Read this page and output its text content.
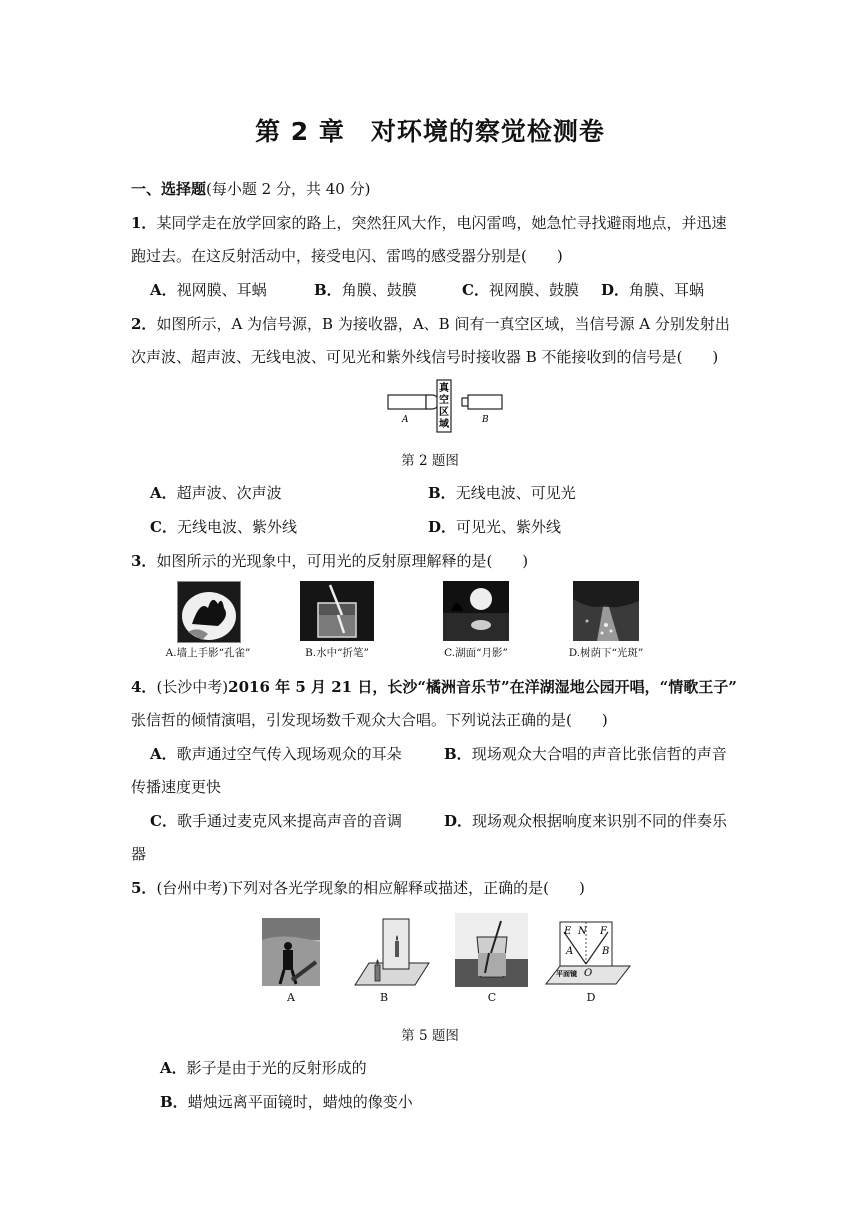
第 2 章　对环境的察觉检测卷
一、选择题(每小题 2 分，共 40 分)
1．某同学走在放学回家的路上，突然狂风大作，电闪雷鸣，她急忙寻找避雨地点，并迅速
跑过去。在这反射活动中，接受电闪、雷鸣的感受器分别是(　　)
A．视网膜、耳蜗	B．角膜、鼓膜	C．视网膜、鼓膜 D．角膜、耳蜗
2．如图所示，A 为信号源，B 为接收器，A、B 间有一真空区域，当信号源 A 分别发射出
次声波、超声波、无线电波、可见光和紫外线信号时接收器 B 不能接收到的信号是(　　)
A
真
空
区
域	B
第 2 题图
A．超声波、次声波	B．无线电波、可见光
C．无线电波、紫外线	D．可见光、紫外线
3．如图所示的光现象中，可用光的反射原理解释的是(　　)
A.墙上手影“孔雀”	B.水中“折笔”	C.湖面“月影”	D.树荫下“光斑”
4．(长沙中考)2016 年 5 月 21 日，长沙“橘洲音乐节”在洋湖湿地公园开唱，“情歌王子”
张信哲的倾情演唱，引发现场数千观众大合唱。下列说法正确的是(　　)
A．歌声通过空气传入现场观众的耳朵	B．现场观众大合唱的声音比张信哲的声音
传播速度更快
C．歌手通过麦克风来提高声音的音调	D．现场观众根据响度来识别不同的伴奏乐
器
5．(台州中考)下列对各光学现象的相应解释或描述，正确的是(　　)
A	B	C
E N F
A	B
O
平面镜
D
第 5 题图
A．影子是由于光的反射形成的
B．蜡烛远离平面镜时，蜡烛的像变小
